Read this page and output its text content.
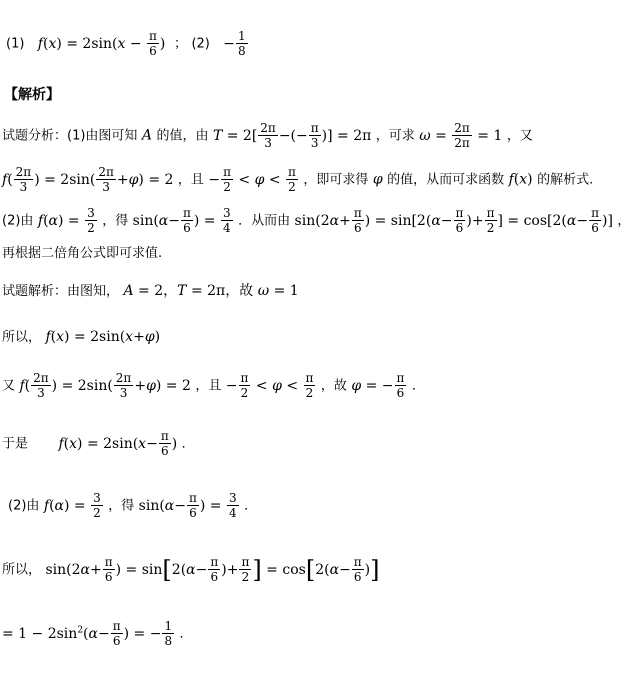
(1) $f(x) = 2\sin(x - \frac{\pi}{6}$ )  ； $(2) - \frac{1}{8}$
【解析】
试题分析：(1)由图可知 A 的值，由 $T = 2[ \frac{2\pi}{3}$ −(− $\frac{\pi}{3}$ )] = 2π ，可求 $\omega = \frac{2\pi}{2\pi} = 1$ ，又
$f( \frac{2\pi}{3}$ ) = $2\sin( \frac{2\pi}{3} +\varphi) = 2$ ，且 − $\frac{\pi}{2} < \varphi < \frac{\pi}{2}$ ，即可求得 φ 的值，从而可求函数 f(x) 的解析式.
(2)由 $f(\alpha) = \frac{3}{2}$ ，得 $\sin(\alpha- \frac{\pi}{6}$ ) = $\frac{3}{4}$ ．从而由 $\sin(2\alpha+ \frac{\pi}{6}$ ) = $\sin[2(\alpha- \frac{\pi}{6}$ )+ $\frac{\pi}{2}$ ] = $\cos[2(\alpha- \frac{\pi}{6}$ )] ，
再根据二倍角公式即可求值.
试题解析：由图知， A = 2，T = 2π，故 ω = 1
所以， f(x) = 2sin(x+φ)
又 $f( \frac{2\pi}{3}$ ) = $2\sin( \frac{2\pi}{3} +\varphi) = 2$ ，且 − $\frac{\pi}{2} < \varphi < \frac{\pi}{2}$ ，故 φ = − $\frac{\pi}{6}$ ．
于是 $f(x) = 2\sin(x- \frac{\pi}{6}$ ) ．
(2)由 $f(\alpha) = \frac{3}{2}$ ，得 $\sin(\alpha- \frac{\pi}{6}$ ) = $\frac{3}{4}$ ．
所以， $\sin(2\alpha+ \frac{\pi}{6}$ ) = $\sin[2(\alpha- \frac{\pi}{6}$ )+ $\frac{\pi}{2}$ ] = $\cos[2(\alpha- \frac{\pi}{6}$ )]
= $1 - 2\sin^2(\alpha- \frac{\pi}{6}$ ) = − $\frac{1}{8}$ ．
